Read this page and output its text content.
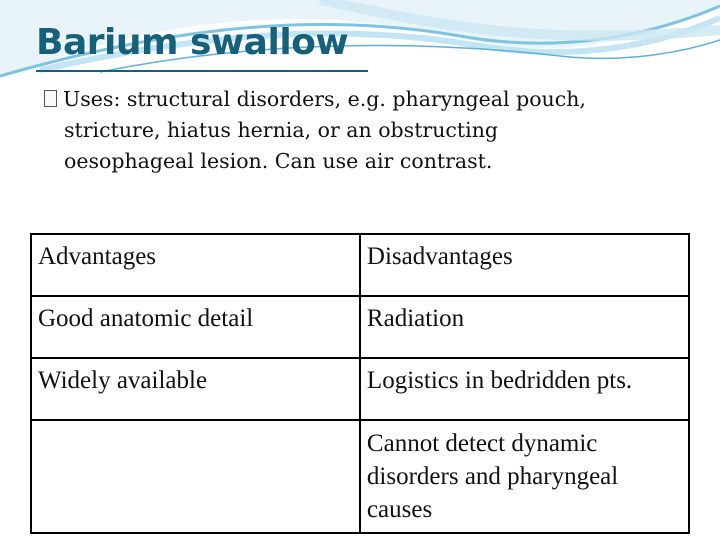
Barium swallow
Uses: structural disorders, e.g. pharyngeal pouch,
stricture, hiatus hernia, or an obstructing
oesophageal lesion. Can use air contrast.
Advantages	Disadvantages
Good anatomic detail	Radiation
Widely available	Logistics in bedridden pts.
	Cannot detect dynamic disorders and pharyngeal causes
